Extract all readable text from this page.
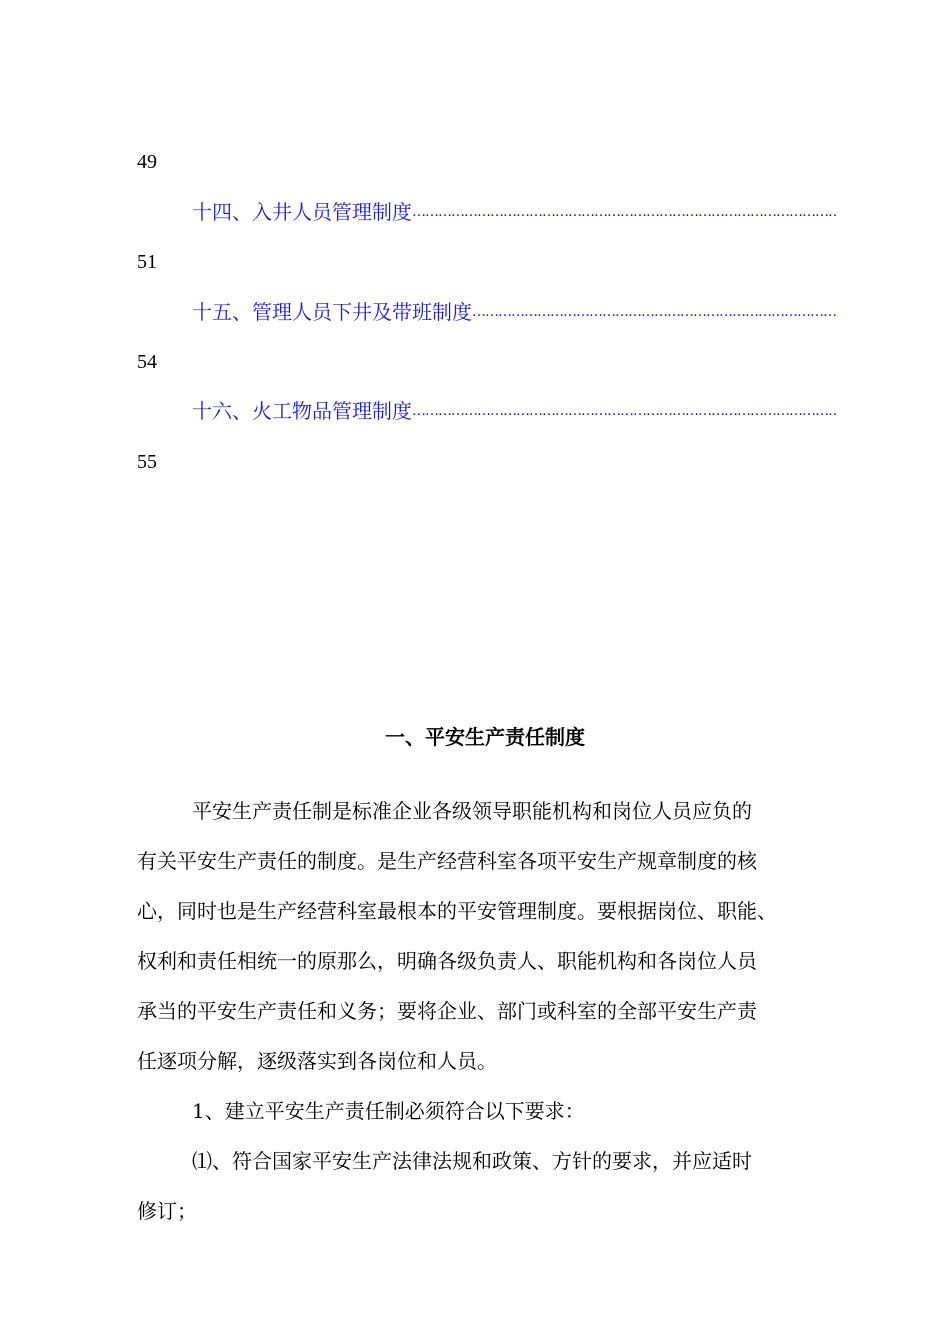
49
十四、入井人员管理制度
………………………………………………………………………………………………………………………………………………………………
51
十五、管理人员下井及带班制度
………………………………………………………………………………………………………………………………………………………………
54
十六、火工物品管理制度
………………………………………………………………………………………………………………………………………………………………
55
一、平安生产责任制度
平安生产责任制是标准企业各级领导职能机构和岗位人员应负的
有关平安生产责任的制度。是生产经营科室各项平安生产规章制度的核
心，同时也是生产经营科室最根本的平安管理制度。要根据岗位、职能、
权利和责任相统一的原那么，明确各级负责人、职能机构和各岗位人员
承当的平安生产责任和义务；要将企业、部门或科室的全部平安生产责
任逐项分解，逐级落实到各岗位和人员。
1、建立平安生产责任制必须符合以下要求：
⑴、符合国家平安生产法律法规和政策、方针的要求，并应适时
修订；
